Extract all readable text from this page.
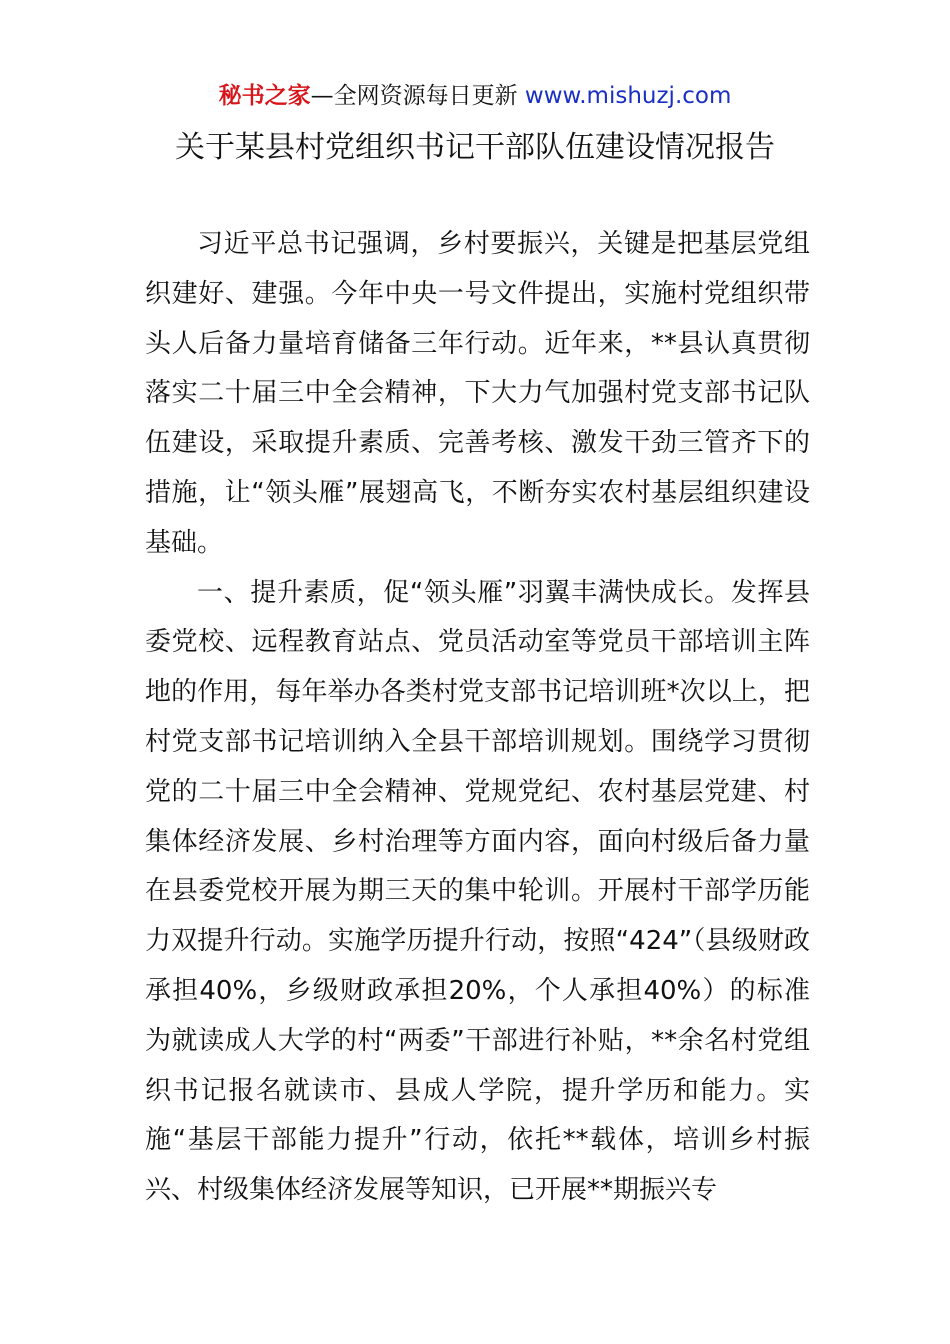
秘书之家—全网资源每日更新 www.mishuzj.com
关于某县村党组织书记干部队伍建设情况报告

习近平总书记强调，乡村要振兴，关键是把基层党组织建好、建强。今年中央一号文件提出，实施村党组织带头人后备力量培育储备三年行动。近年来，**县认真贯彻落实二十届三中全会精神，下大力气加强村党支部书记队伍建设，采取提升素质、完善考核、激发干劲三管齐下的措施，让“领头雁”展翅高飞，不断夯实农村基层组织建设基础。

一、提升素质，促“领头雁”羽翼丰满快成长。发挥县委党校、远程教育站点、党员活动室等党员干部培训主阵地的作用，每年举办各类村党支部书记培训班*次以上，把村党支部书记培训纳入全县干部培训规划。围绕学习贯彻党的二十届三中全会精神、党规党纪、农村基层党建、村集体经济发展、乡村治理等方面内容，面向村级后备力量在县委党校开展为期三天的集中轮训。开展村干部学历能力双提升行动。实施学历提升行动，按照“424”（县级财政承担40%，乡级财政承担20%，个人承担40%）的标准为就读成人大学的村“两委”干部进行补贴，**余名村党组织书记报名就读市、县成人学院，提升学历和能力。实施“基层干部能力提升”行动，依托**载体，培训乡村振兴、村级集体经济发展等知识，已开展**期振兴专
